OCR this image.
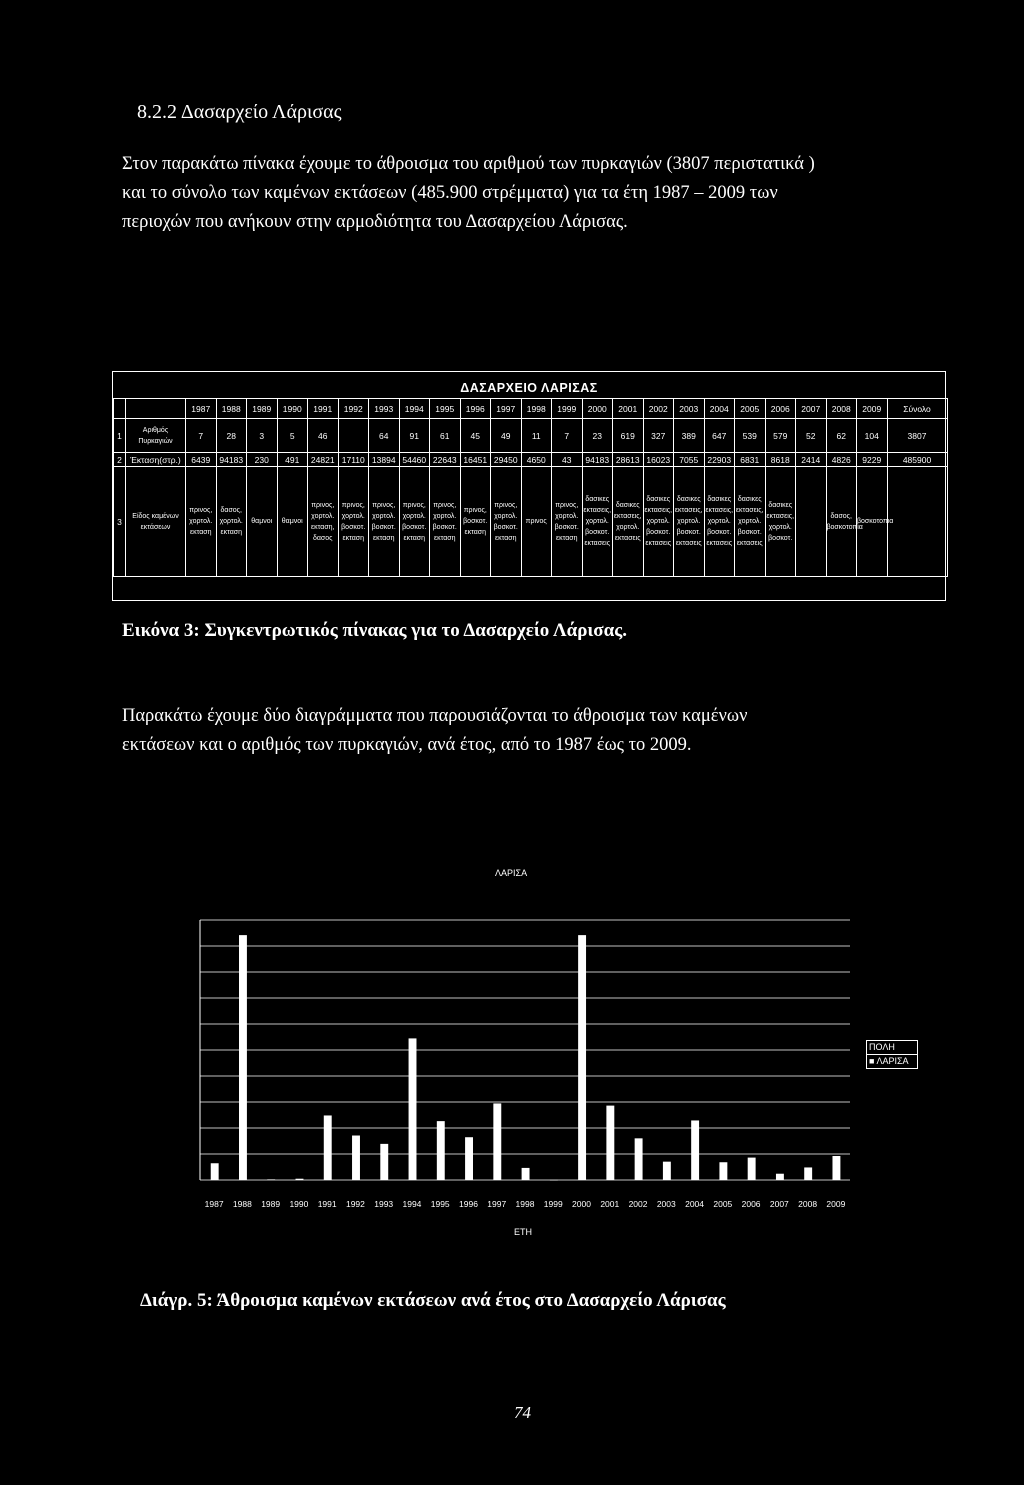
8.2.2 Δασαρχείο Λάρισας
Στον παρακάτω πίνακα έχουμε το άθροισμα του αριθμού των πυρκαγιών (3807 περιστατικά )
και το σύνολο των καμένων εκτάσεων (485.900 στρέμματα) για τα έτη 1987 – 2009 των
περιοχών που ανήκουν στην αρμοδιότητα του Δασαρχείου Λάρισας.
ΔΑΣΑΡΧΕΙΟ ΛΑΡΙΣΑΣ
		1987	1988	1989	1990	1991	1992	1993	1994	1995	1996	1997	1998	1999	2000	2001	2002	2003	2004	2005	2006	2007	2008	2009	Σύνολο
1	Αριθμός Πυρκαγιών	7	28	3	5	46		64	91	61	45	49	11	7	23	619	327	389	647	539	579	52	62	104	3807
2	Έκταση(στρ.)	6439	94183	230	491	24821	17110	13894	54460	22643	16451	29450	4650	43	94183	28613	16023	7055	22903	6831	8618	2414	4826	9229	485900
3	Είδος καμένων εκτάσεων	πρινος, χορτολ. εκταση	δασος, χορτολ. εκταση	θαμνοι	θαμνοι	πρινος, χορτολ. εκταση, δασος	πρινος, χορτολ. βοσκοτ. εκταση	πρινος, χορτολ. βοσκοτ. εκταση	πρινος, χορτολ. βοσκοτ. εκταση	πρινος, χορτολ. βοσκοτ. εκταση	πρινος, βοσκοτ. εκταση	πρινος, χορτολ. βοσκοτ. εκταση	πρινος	πρινος, χορτολ. βοσκοτ. εκταση	δασικες εκτασεις, χορτολ. βοσκοτ. εκτασεις	δασικες εκτασεις, χορτολ. εκτασεις	δασικες εκτασεις, χορτολ. βοσκοτ. εκτασεις	δασικες εκτασεις, χορτολ. βοσκοτ. εκτασεις	δασικες εκτασεις, χορτολ. βοσκοτ. εκτασεις	δασικες εκτασεις, χορτολ. βοσκοτ. εκτασεις	δασικες εκτασεις, χορτολ. βοσκοτ.		δασος, βοσκοτοπια	βοσκοτοπια	
Εικόνα 3: Συγκεντρωτικός πίνακας για το Δασαρχείο Λάρισας.
Παρακάτω έχουμε δύο διαγράμματα που παρουσιάζονται το άθροισμα των καμένων
εκτάσεων και ο αριθμός των πυρκαγιών, ανά έτος, από το 1987 έως το 2009.
ΛΑΡΙΣΑ
1987 1988 1989 1990 1991 1992 1993 1994 1995 1996 1997 1998 1999 2000 2001 2002 2003 2004 2005 2006 2007 2008 2009
ΕΤΗ
ΠΟΛΗ
■ ΛΑΡΙΣΑ
Διάγρ. 5: Άθροισμα καμένων εκτάσεων ανά έτος στο Δασαρχείο Λάρισας
74
